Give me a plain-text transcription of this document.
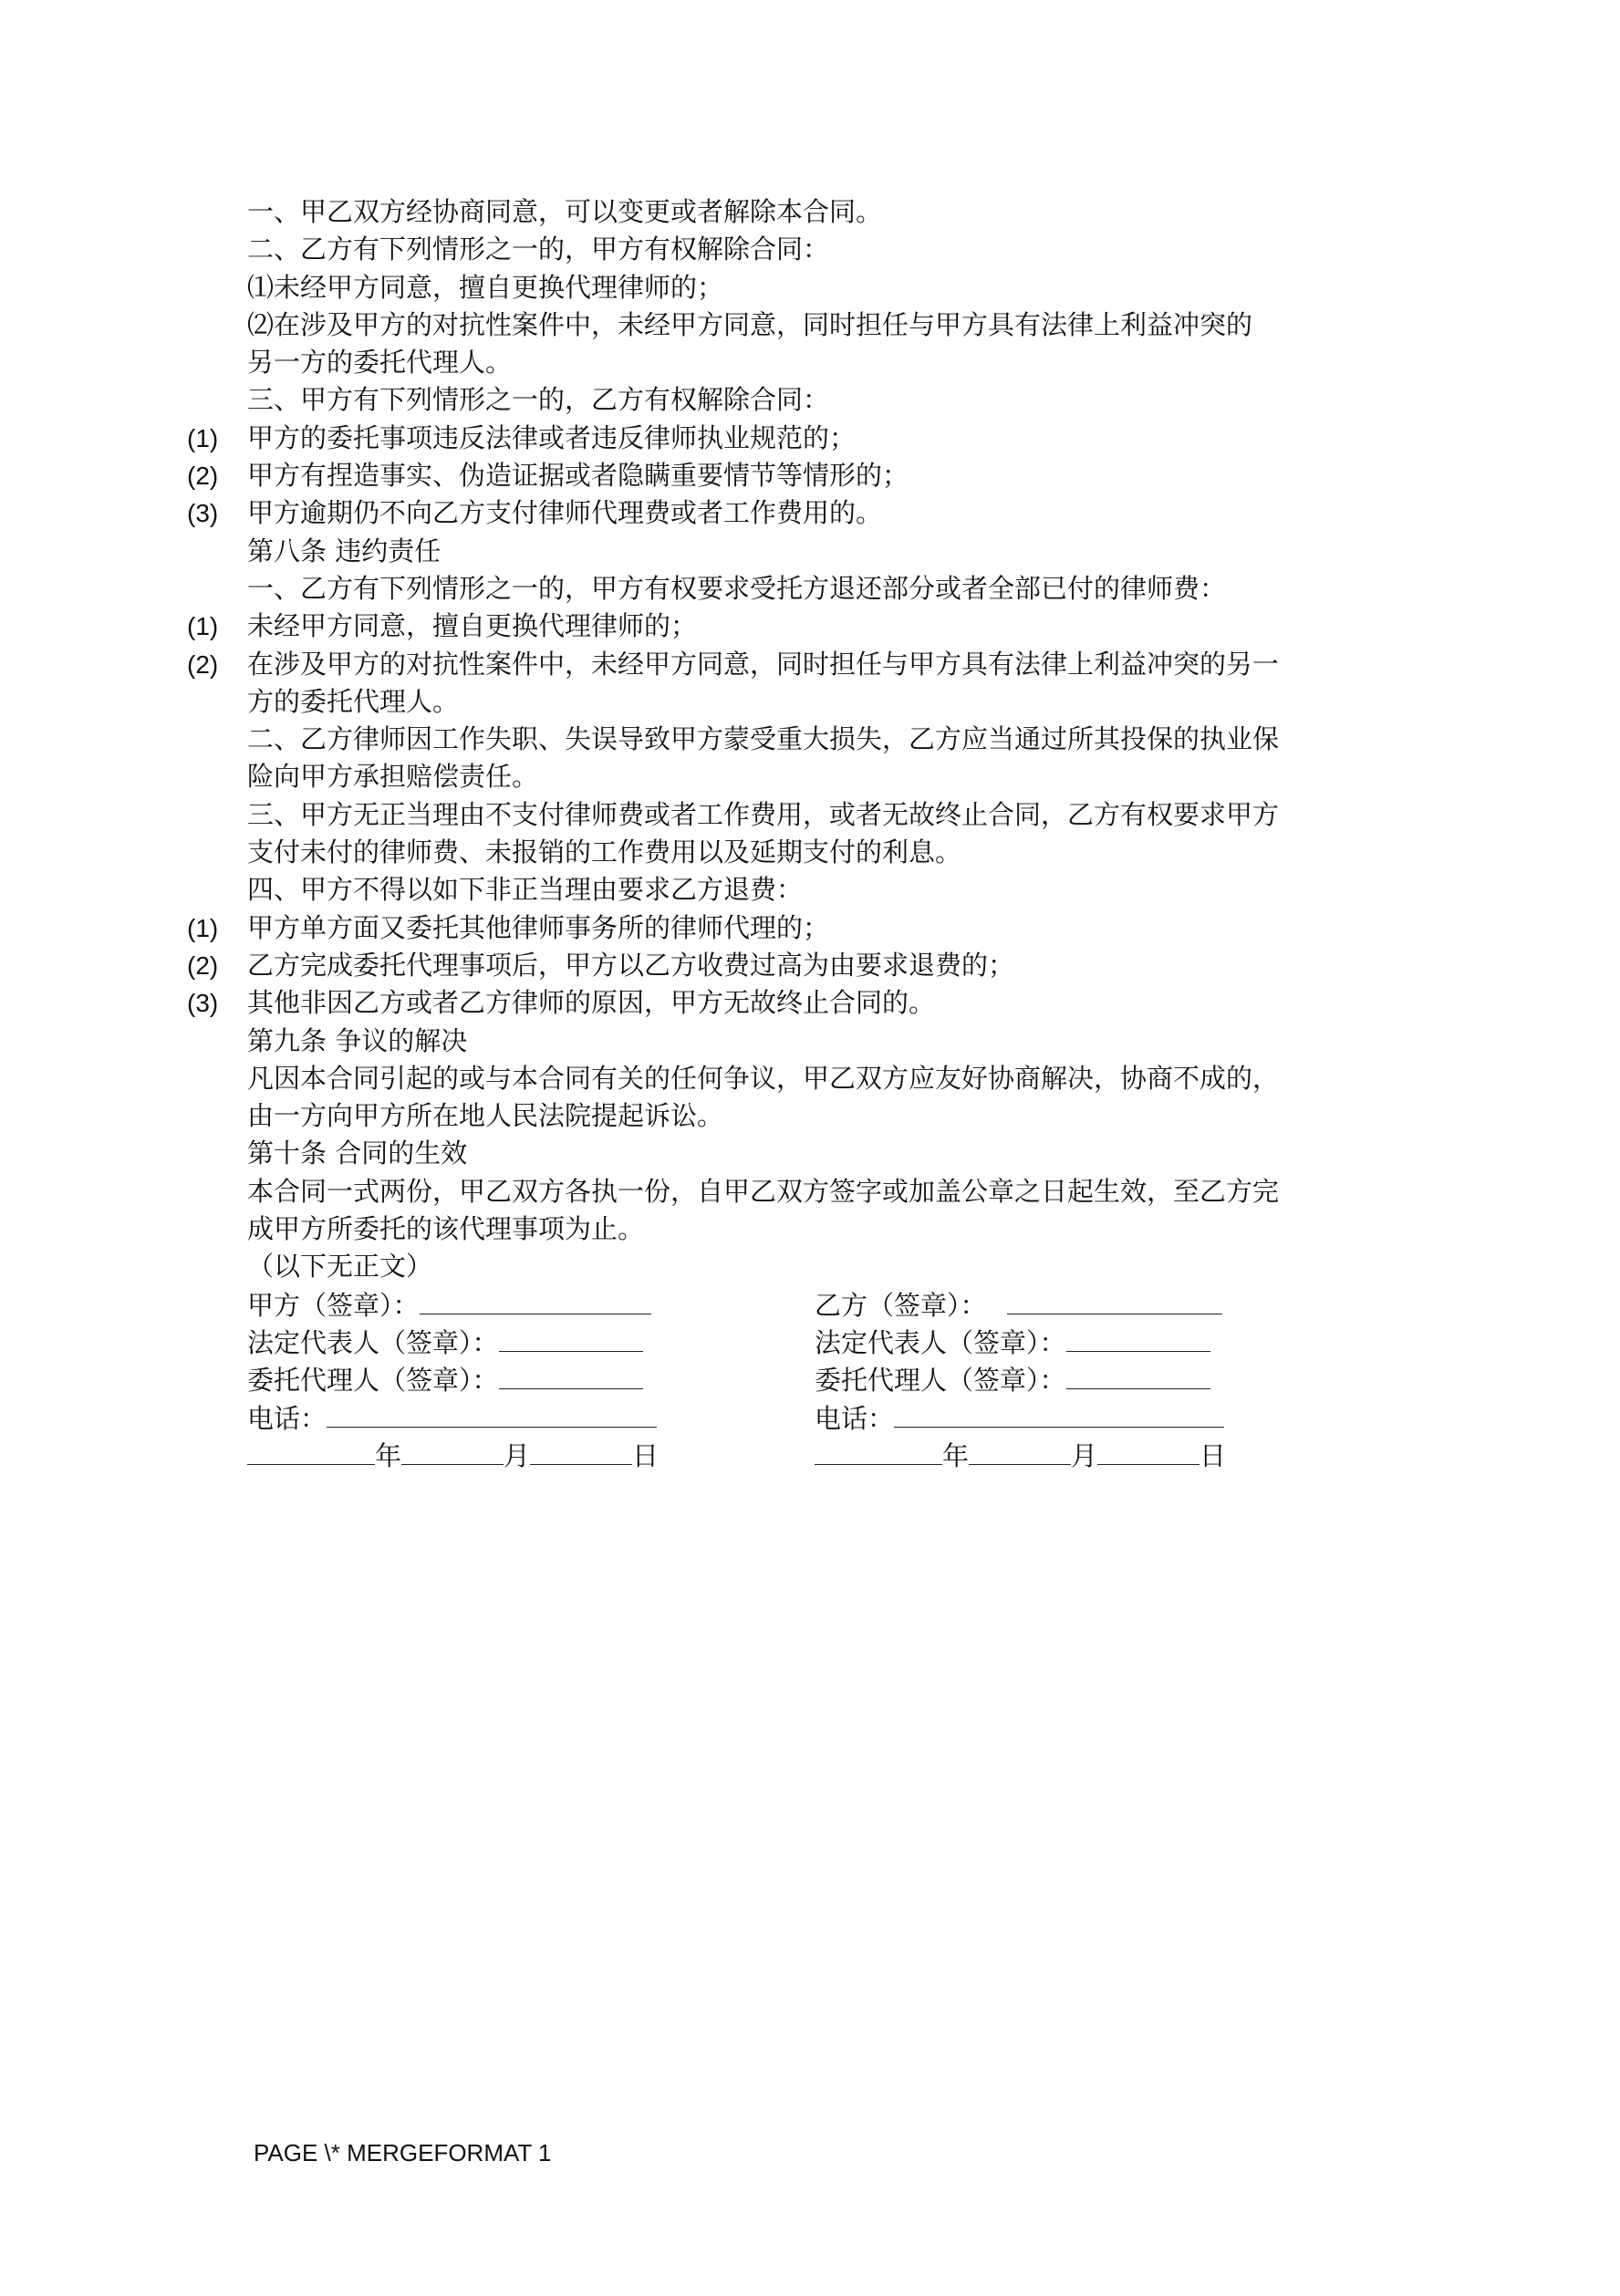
一、甲乙双方经协商同意，可以变更或者解除本合同。
二、乙方有下列情形之一的，甲方有权解除合同：
⑴未经甲方同意，擅自更换代理律师的；
⑵在涉及甲方的对抗性案件中，未经甲方同意，同时担任与甲方具有法律上利益冲突的
另一方的委托代理人。
三、甲方有下列情形之一的，乙方有权解除合同：
(1) 甲方的委托事项违反法律或者违反律师执业规范的；
(2) 甲方有捏造事实、伪造证据或者隐瞒重要情节等情形的；
(3) 甲方逾期仍不向乙方支付律师代理费或者工作费用的。
第八条 违约责任
一、乙方有下列情形之一的，甲方有权要求受托方退还部分或者全部已付的律师费：
(1) 未经甲方同意，擅自更换代理律师的；
(2) 在涉及甲方的对抗性案件中，未经甲方同意，同时担任与甲方具有法律上利益冲突的另一
方的委托代理人。
二、乙方律师因工作失职、失误导致甲方蒙受重大损失，乙方应当通过所其投保的执业保
险向甲方承担赔偿责任。
三、甲方无正当理由不支付律师费或者工作费用，或者无故终止合同，乙方有权要求甲方
支付未付的律师费、未报销的工作费用以及延期支付的利息。
四、甲方不得以如下非正当理由要求乙方退费：
(1) 甲方单方面又委托其他律师事务所的律师代理的；
(2) 乙方完成委托代理事项后，甲方以乙方收费过高为由要求退费的；
(3) 其他非因乙方或者乙方律师的原因，甲方无故终止合同的。
第九条 争议的解决
凡因本合同引起的或与本合同有关的任何争议，甲乙双方应友好协商解决，协商不成的，
由一方向甲方所在地人民法院提起诉讼。
第十条 合同的生效
本合同一式两份，甲乙双方各执一份，自甲乙双方签字或加盖公章之日起生效，至乙方完
成甲方所委托的该代理事项为止。
（以下无正文）
甲方（签章）：	乙方（签章）：
法定代表人（签章）：	法定代表人（签章）：
委托代理人（签章）：	委托代理人（签章）：
电话：	电话：
年	月	日	年	月	日
PAGE \* MERGEFORMAT 1
